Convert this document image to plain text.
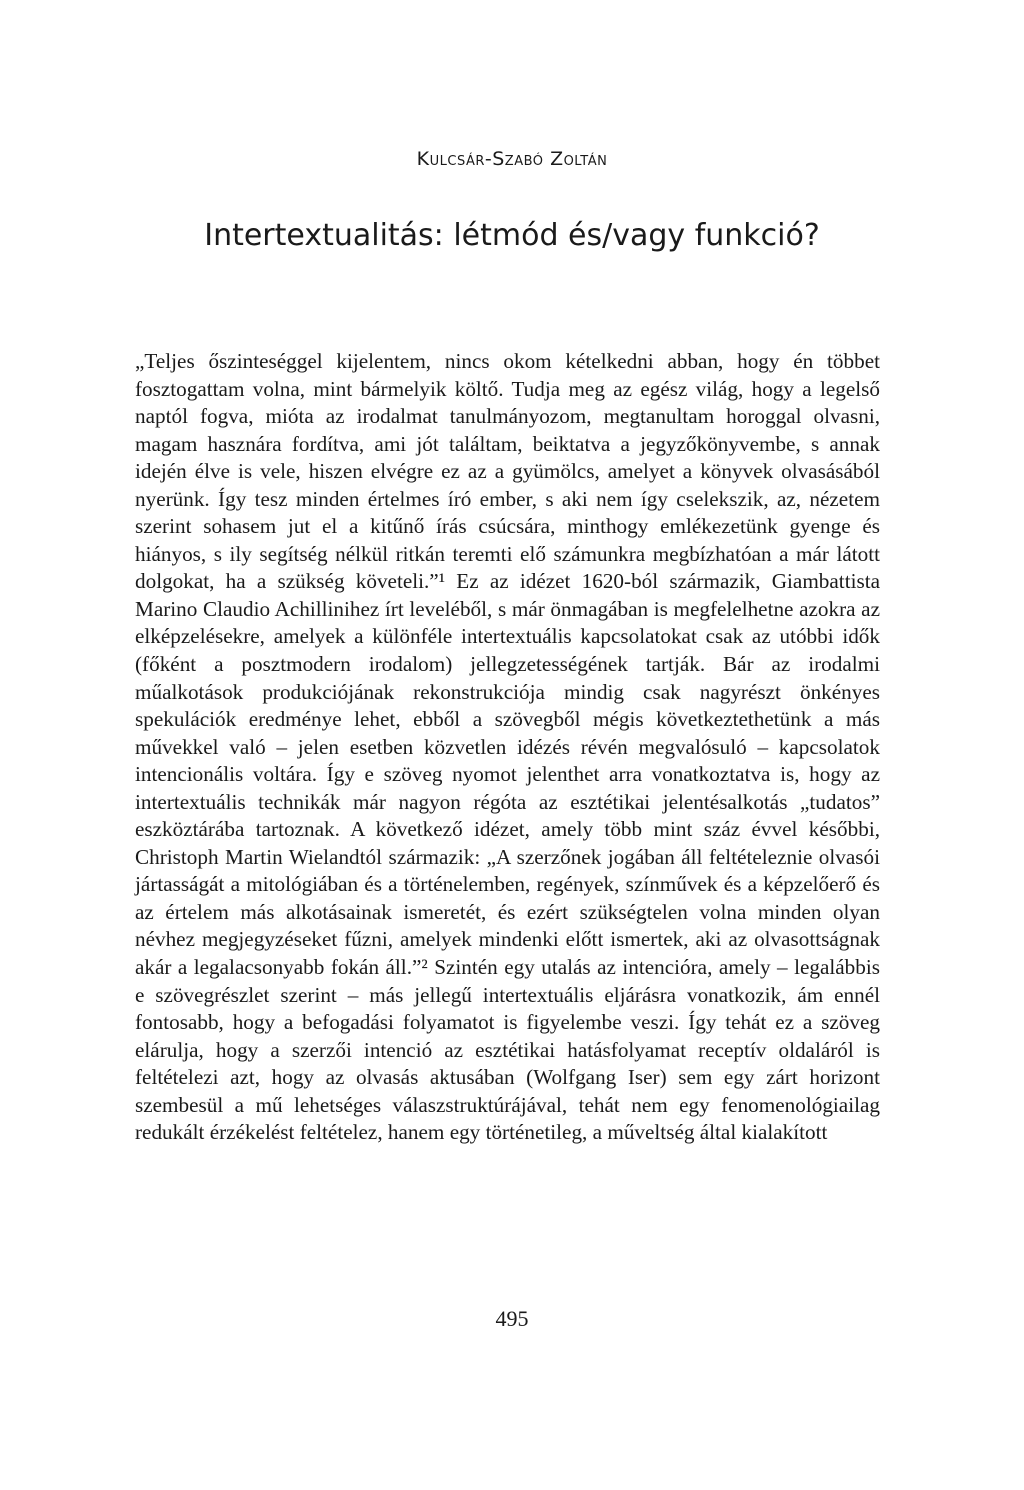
Kulcsár-Szabó Zoltán

Intertextualitás: létmód és/vagy funkció?

„Teljes őszinteséggel kijelentem, nincs okom kételkedni abban, hogy én többet fosztogattam volna, mint bármelyik költő. Tudja meg az egész világ, hogy a legelső naptól fogva, mióta az irodalmat tanulmányozom, megtanultam horoggal olvasni, magam hasznára fordítva, ami jót találtam, beiktatva a jegyzőkönyvembe, s annak idején élve is vele, hiszen elvégre ez az a gyümölcs, amelyet a könyvek olvasásából nyerünk. Így tesz minden értelmes író ember, s aki nem így cselekszik, az, nézetem szerint sohasem jut el a kitűnő írás csúcsára, minthogy emlékezetünk gyenge és hiányos, s ily segítség nélkül ritkán teremti elő számunkra megbízhatóan a már látott dolgokat, ha a szükség követeli.”¹ Ez az idézet 1620-ból származik, Giambattista Marino Claudio Achillinihez írt leveléből, s már önmagában is megfelelhetne azokra az elképzelésekre, amelyek a különféle intertextuális kapcsolatokat csak az utóbbi idők (főként a posztmodern irodalom) jellegzetességének tartják. Bár az irodalmi műalkotások produkciójának rekonstrukciója mindig csak nagyrészt önkényes spekulációk eredménye lehet, ebből a szövegből mégis következtethetünk a más művekkel való – jelen esetben közvetlen idézés révén megvalósuló – kapcsolatok intencionális voltára. Így e szöveg nyomot jelenthet arra vonatkoztatva is, hogy az intertextuális technikák már nagyon régóta az esztétikai jelentésalkotás „tudatos” eszköztárába tartoznak. A következő idézet, amely több mint száz évvel későbbi, Christoph Martin Wielandtól származik: „A szerzőnek jogában áll feltételeznie olvasói jártasságát a mitológiában és a történelemben, regények, színművek és a képzelőerő és az értelem más alkotásainak ismeretét, és ezért szükségtelen volna minden olyan névhez megjegyzéseket fűzni, amelyek mindenki előtt ismertek, aki az olvasottságnak akár a legalacsonyabb fokán áll.”² Szintén egy utalás az intencióra, amely – legalábbis e szövegrészlet szerint – más jellegű intertextuális eljárásra vonatkozik, ám ennél fontosabb, hogy a befogadási folyamatot is figyelembe veszi. Így tehát ez a szöveg elárulja, hogy a szerzői intenció az esztétikai hatásfolyamat receptív oldaláról is feltételezi azt, hogy az olvasás aktusában (Wolfgang Iser) sem egy zárt horizont szembesül a mű lehetséges válaszstruktúrájával, tehát nem egy fenomenológiailag redukált érzékelést feltételez, hanem egy történetileg, a műveltség által kialakított

495
